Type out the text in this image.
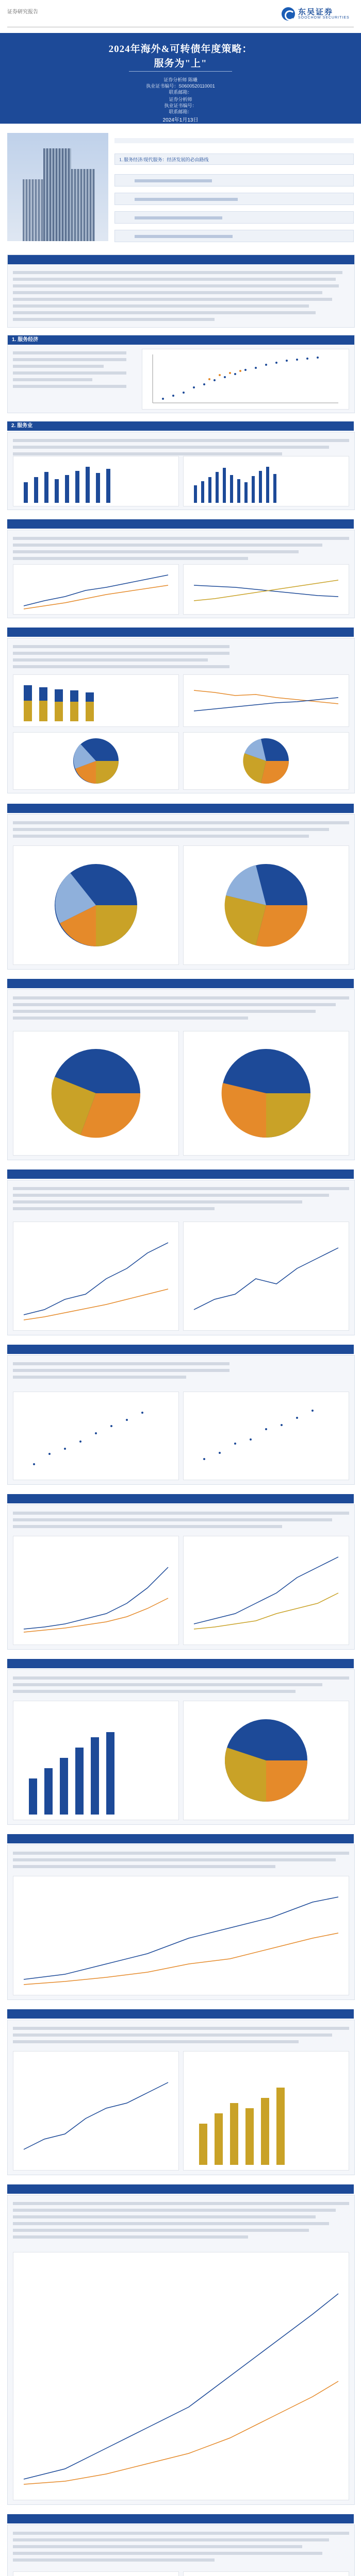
证券研究报告	东吴证券
SOOCHOW SECURITIES
2024年海外&可转债年度策略：
服务为"上"
证券分析师 陈曦
执业证书编号：S0600520110001
联系邮箱：
证券分析师
执业证书编号：
联系邮箱：
2024年1月13日
1. 服务经济/现代服务：经济发展的必由路线

1. 服务经济
2. 服务业
